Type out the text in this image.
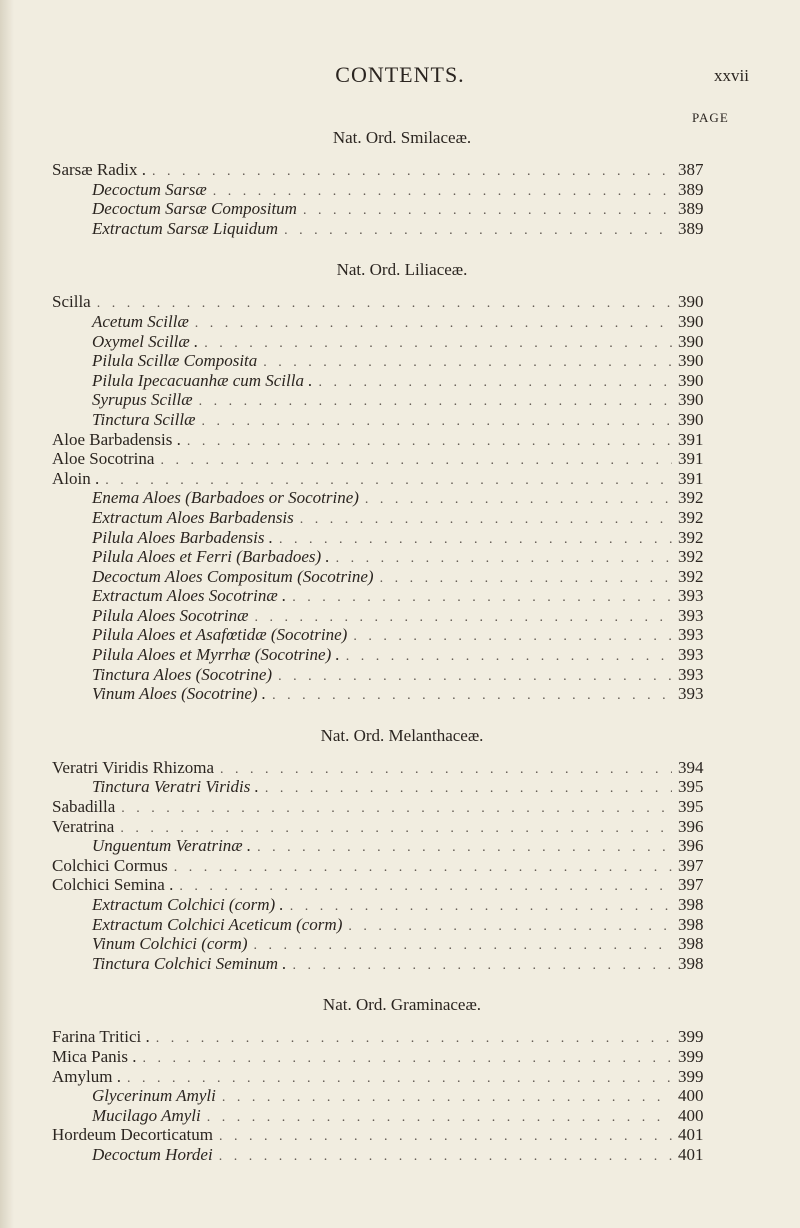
CONTENTS.	xxvii
PAGE
Nat. Ord. Smilaceæ.
Sarsæ Radix . . . .	387
Decoctum Sarsæ . . .	389
Decoctum Sarsæ Compositum . . .	389
Extractum Sarsæ Liquidum . . .	389
Nat. Ord. Liliaceæ.
Scilla . . .	390
Acetum Scillæ . . .	390
Oxymel Scillæ . . . .	390
Pilula Scillæ Composita . . .	390
Pilula Ipecacuanhæ cum Scilla . . . .	390
Syrupus Scillæ . . .	390
Tinctura Scillæ . . .	390
Aloe Barbadensis . . . .	391
Aloe Socotrina . . .	391
Aloin . . . .	391
Enema Aloes (Barbadoes or Socotrine) . . .	392
Extractum Aloes Barbadensis . . .	392
Pilula Aloes Barbadensis . . . .	392
Pilula Aloes et Ferri (Barbadoes) . . . .	392
Decoctum Aloes Compositum (Socotrine) . . .	392
Extractum Aloes Socotrinæ . . . .	393
Pilula Aloes Socotrinæ . . .	393
Pilula Aloes et Asafœtidæ (Socotrine) . . .	393
Pilula Aloes et Myrrhæ (Socotrine) . . . .	393
Tinctura Aloes (Socotrine) . . .	393
Vinum Aloes (Socotrine) . . . .	393
Nat. Ord. Melanthaceæ.
Veratri Viridis Rhizoma . . .	394
Tinctura Veratri Viridis . . . .	395
Sabadilla . . .	395
Veratrina . . .	396
Unguentum Veratrinæ . . . .	396
Colchici Cormus . . .	397
Colchici Semina . . . .	397
Extractum Colchici (corm) . . . .	398
Extractum Colchici Aceticum (corm) . . .	398
Vinum Colchici (corm) . . .	398
Tinctura Colchici Seminum . . . .	398
Nat. Ord. Graminaceæ.
Farina Tritici . . . .	399
Mica Panis . . . .	399
Amylum . . . .	399
Glycerinum Amyli . . .	400
Mucilago Amyli . . .	400
Hordeum Decorticatum . . .	401
Decoctum Hordei . . .	401
